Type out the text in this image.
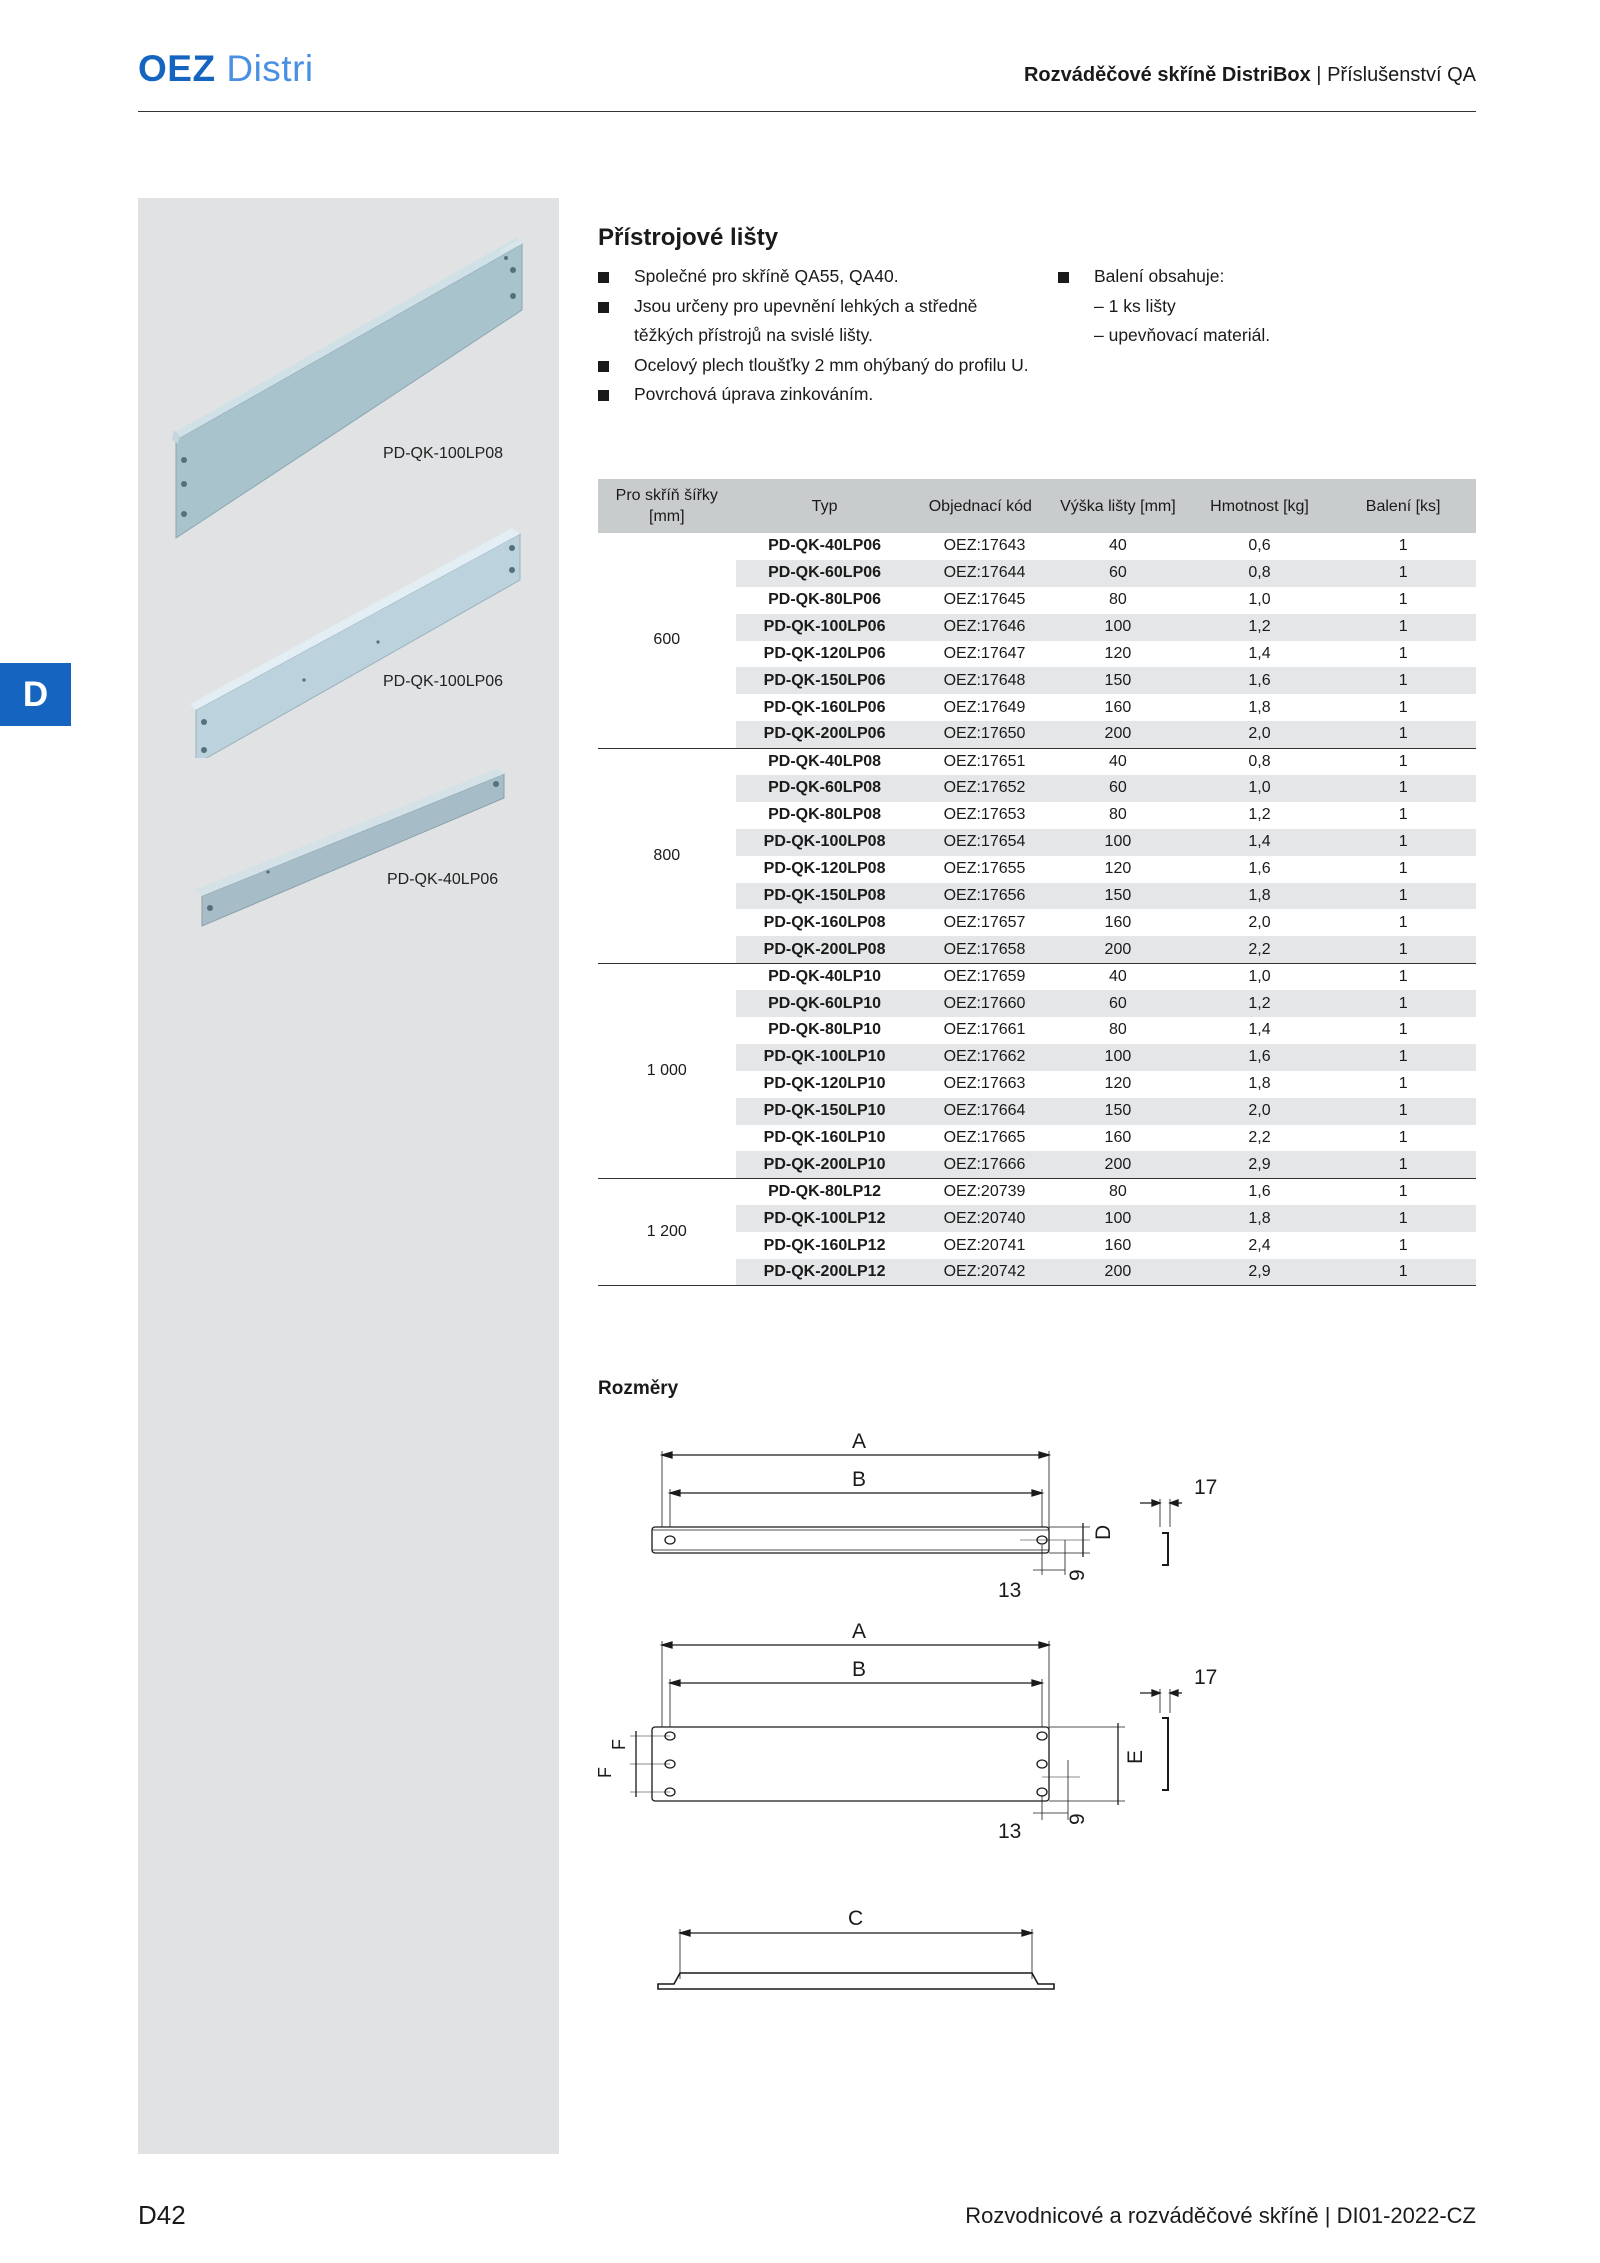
OEZ Distri	Rozváděčové skříně DistriBox | Příslušenství QA
D
PD-QK-100LP08
PD-QK-100LP06
PD-QK-40LP06
Přístrojové lišty
Společné pro skříně QA55, QA40.
Jsou určeny pro upevnění lehkých a středně těžkých přístrojů na svislé lišty.
Ocelový plech tloušťky 2 mm ohýbaný do profilu U.
Povrchová úprava zinkováním.
Balení obsahuje:
– 1 ks lišty
– upevňovací materiál.
Pro skříň šířky [mm]	Typ	Objednací kód	Výška lišty [mm]	Hmotnost [kg]	Balení [ks]
600	PD-QK-40LP06	OEZ:17643	40	0,6	1
	PD-QK-60LP06	OEZ:17644	60	0,8	1
	PD-QK-80LP06	OEZ:17645	80	1,0	1
	PD-QK-100LP06	OEZ:17646	100	1,2	1
	PD-QK-120LP06	OEZ:17647	120	1,4	1
	PD-QK-150LP06	OEZ:17648	150	1,6	1
	PD-QK-160LP06	OEZ:17649	160	1,8	1
	PD-QK-200LP06	OEZ:17650	200	2,0	1
800	PD-QK-40LP08	OEZ:17651	40	0,8	1
	PD-QK-60LP08	OEZ:17652	60	1,0	1
	PD-QK-80LP08	OEZ:17653	80	1,2	1
	PD-QK-100LP08	OEZ:17654	100	1,4	1
	PD-QK-120LP08	OEZ:17655	120	1,6	1
	PD-QK-150LP08	OEZ:17656	150	1,8	1
	PD-QK-160LP08	OEZ:17657	160	2,0	1
	PD-QK-200LP08	OEZ:17658	200	2,2	1
1 000	PD-QK-40LP10	OEZ:17659	40	1,0	1
	PD-QK-60LP10	OEZ:17660	60	1,2	1
	PD-QK-80LP10	OEZ:17661	80	1,4	1
	PD-QK-100LP10	OEZ:17662	100	1,6	1
	PD-QK-120LP10	OEZ:17663	120	1,8	1
	PD-QK-150LP10	OEZ:17664	150	2,0	1
	PD-QK-160LP10	OEZ:17665	160	2,2	1
	PD-QK-200LP10	OEZ:17666	200	2,9	1
1 200	PD-QK-80LP12	OEZ:20739	80	1,6	1
	PD-QK-100LP12	OEZ:20740	100	1,8	1
	PD-QK-160LP12	OEZ:20741	160	2,4	1
	PD-QK-200LP12	OEZ:20742	200	2,9	1
Rozměry
A
B
D
13
9
17
A
B
F
F
E
13
9
17
C
D42	Rozvodnicové a rozváděčové skříně | DI01-2022-CZ
